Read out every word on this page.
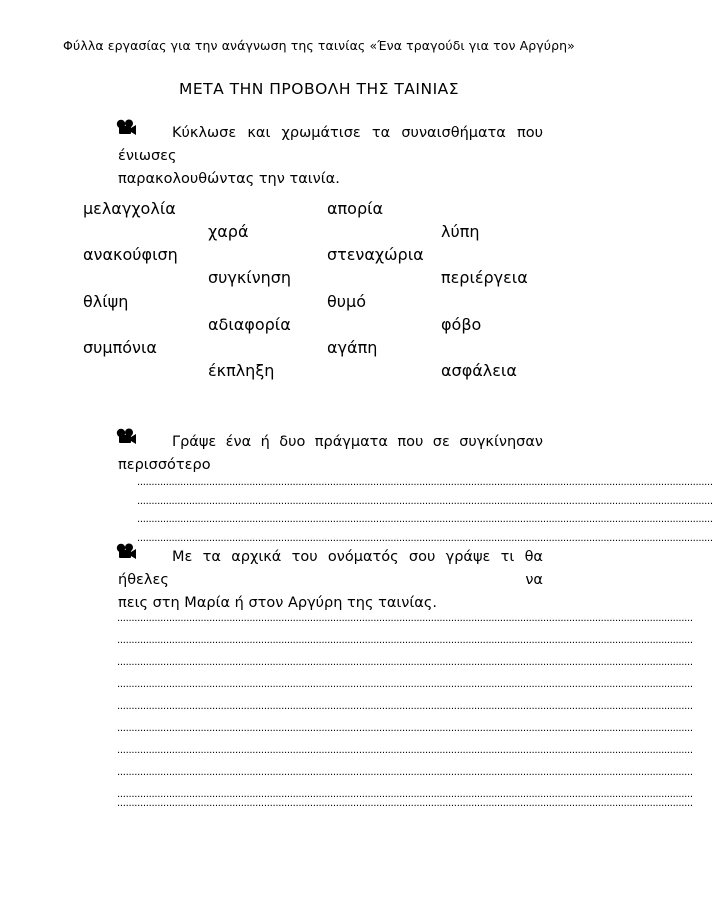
Φύλλα εργασίας για την ανάγνωση της ταινίας «Ένα τραγούδι για τον Αργύρη»
ΜΕΤΑ ΤΗΝ ΠΡΟΒΟΛΗ ΤΗΣ ΤΑΙΝΙΑΣ
Κύκλωσε και χρωμάτισε τα συναισθήματα που ένιωσες
παρακολουθώντας την ταινία.
μελαγχολία
ανακούφιση
θλίψη
συμπόνια
χαρά
συγκίνηση
αδιαφορία
έκπληξη
απορία
στεναχώρια
θυμό
αγάπη
λύπη
περιέργεια
φόβο
ασφάλεια
Γράψε ένα ή δυο πράγματα που σε συγκίνησαν
περισσότερο
........................................................................................................................................................................................................
........................................................................................................................................................................................................
........................................................................................................................................................................................................
........................................................................................................................................................................................................
Με τα αρχικά του ονόματός σου γράψε τι θα ήθελες να
πεις στη Μαρία ή στον Αργύρη της ταινίας.
........................................................................................................................................................................................................
........................................................................................................................................................................................................
........................................................................................................................................................................................................
........................................................................................................................................................................................................
........................................................................................................................................................................................................
........................................................................................................................................................................................................
........................................................................................................................................................................................................
........................................................................................................................................................................................................
........................................................................................................................................................................................................
........................................................................................................................................................................................................
